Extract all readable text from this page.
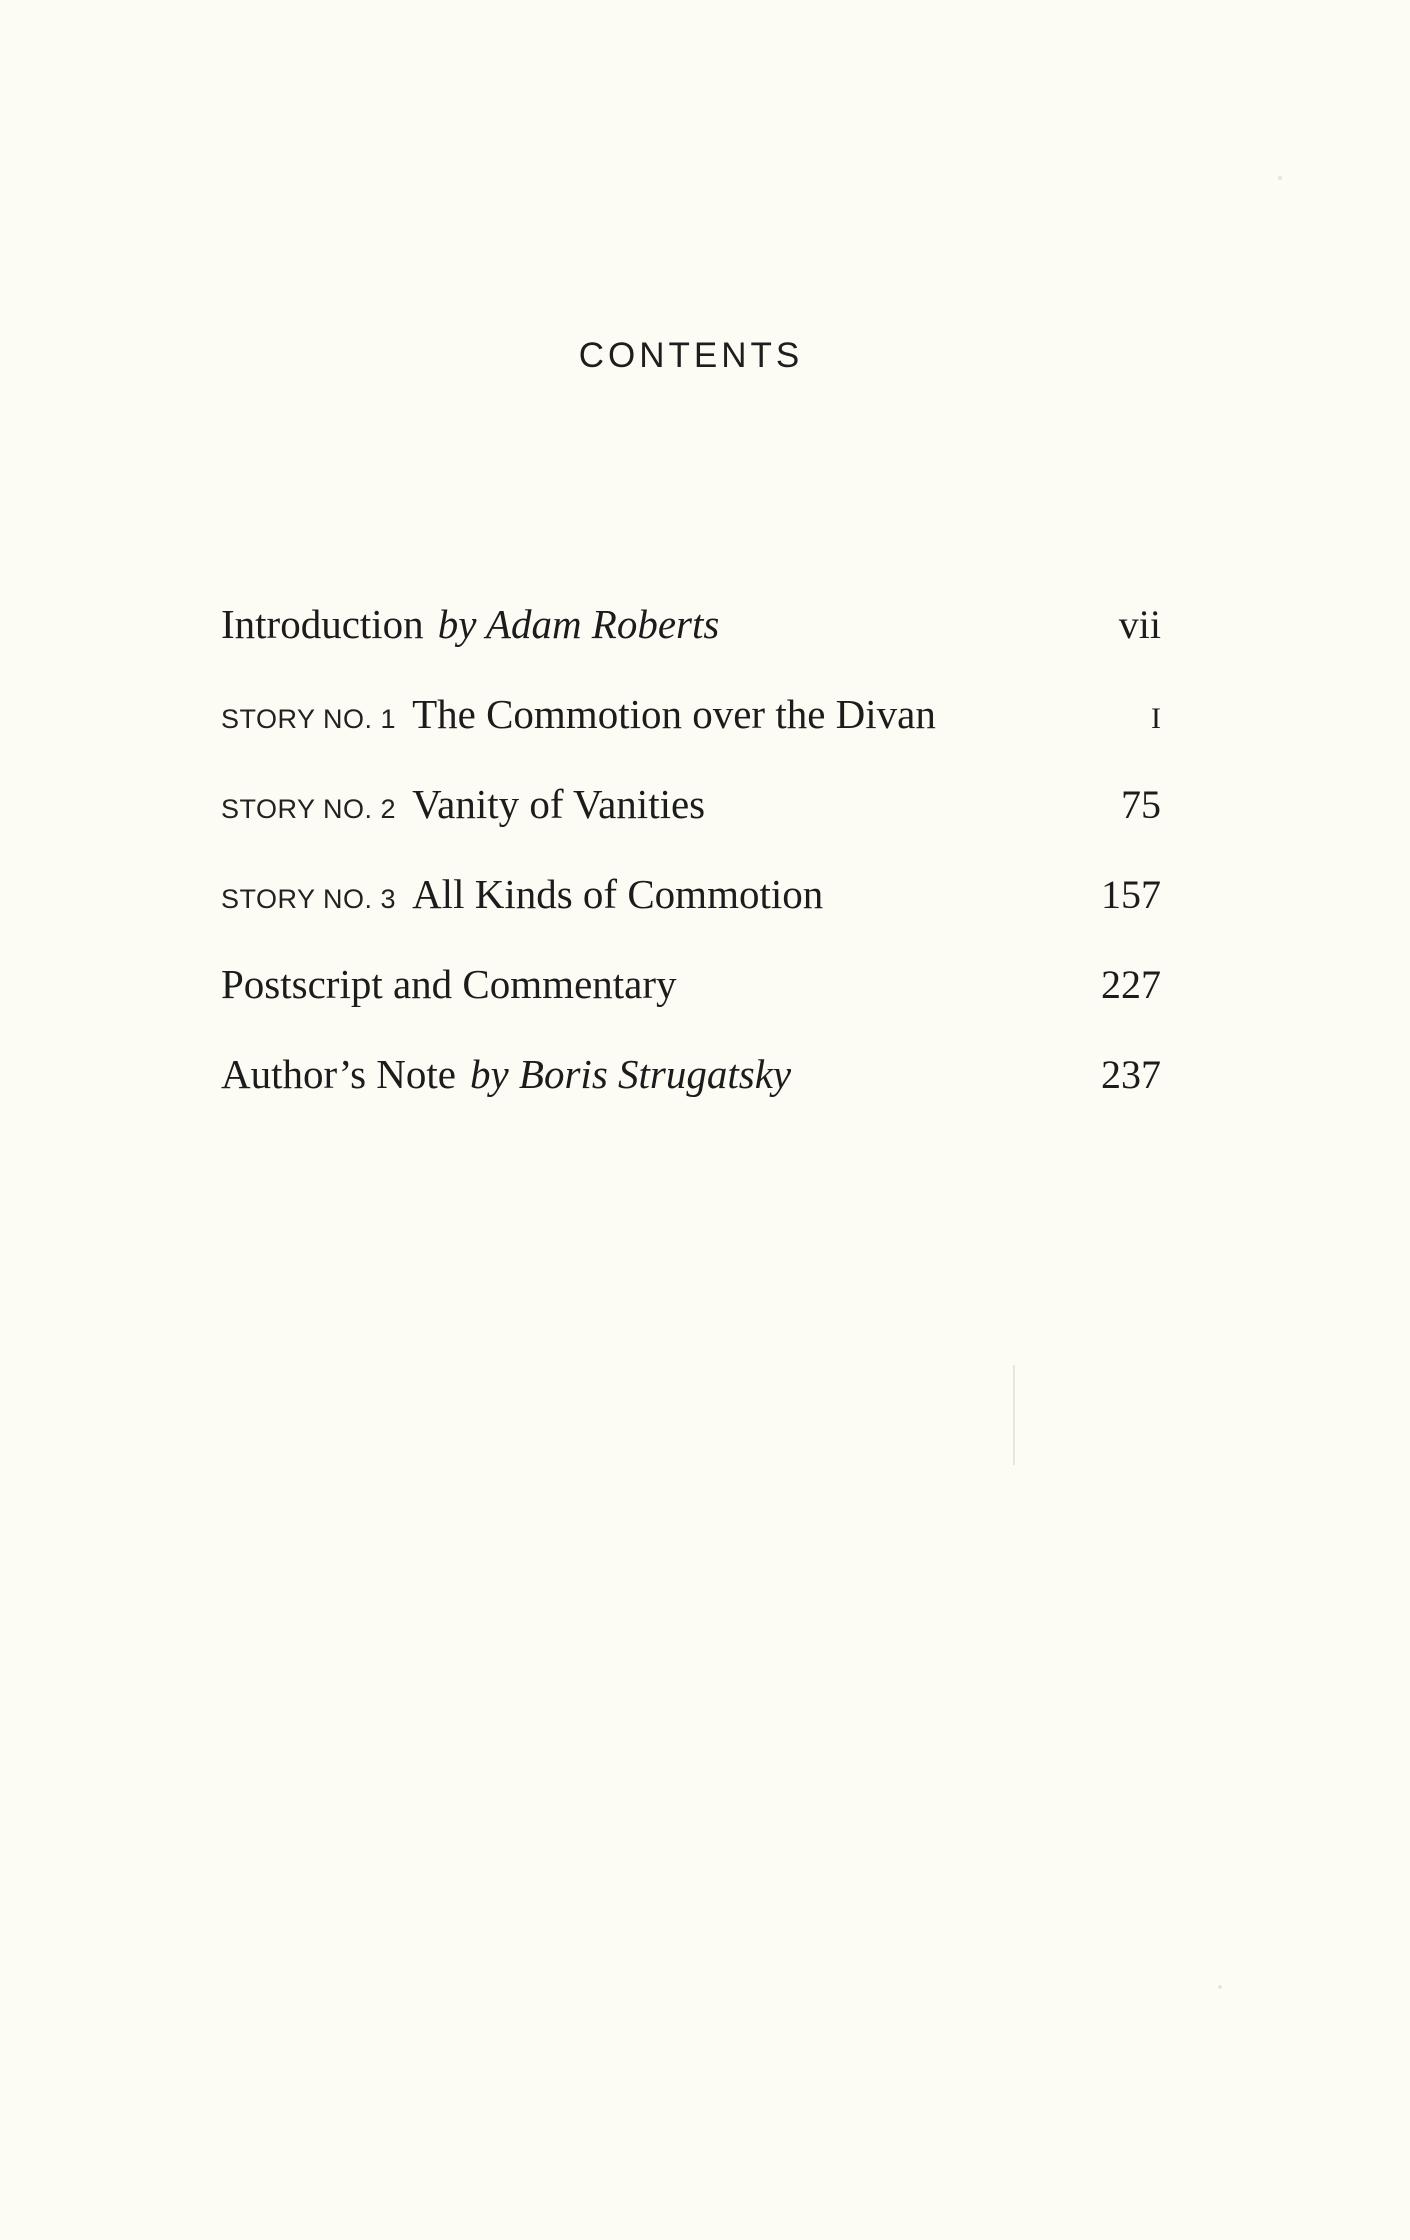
CONTENTS
Introduction by Adam Roberts	vii
STORY NO. 1 The Commotion over the Divan	I
STORY NO. 2 Vanity of Vanities	75
STORY NO. 3 All Kinds of Commotion	157
Postscript and Commentary	227
Author’s Note by Boris Strugatsky	237
